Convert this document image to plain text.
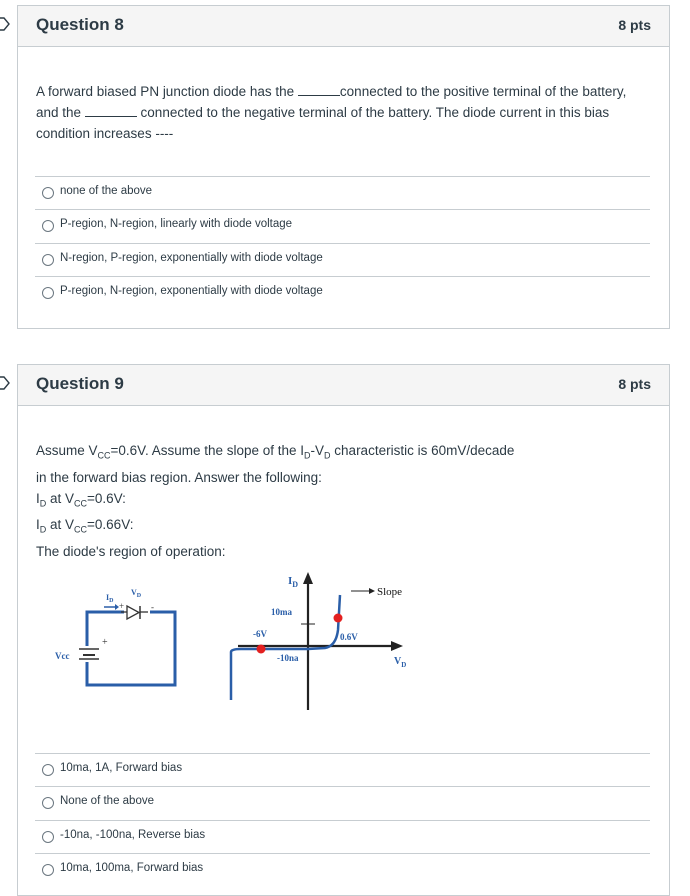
Question 8	8 pts
A forward biased PN junction diode has the	connected to the positive terminal of the battery,
and the	connected to the negative terminal of the battery. The diode current in this bias
condition increases ----
none of the above
P-region, N-region, linearly with diode voltage
N-region, P-region, exponentially with diode voltage
P-region, N-region, exponentially with diode voltage
Question 9	8 pts
Assume $V_{CC}=0.6V$. Assume the slope of the $I_D-V_D$ characteristic is 60mV/decade
in the forward bias region. Answer the following:
$I_D$ at $V_{CC}=0.6V$:
$I_D$ at $V_{CC}=0.66V$:
The diode's region of operation:
$I_D$
$V_D$
+	-
+
Vcc
$I_D$
Slope
10ma
-6V	0.6V
-10na	$V_D$
10ma, 1A, Forward bias
None of the above
-10na, -100na, Reverse bias
10ma, 100ma, Forward bias
